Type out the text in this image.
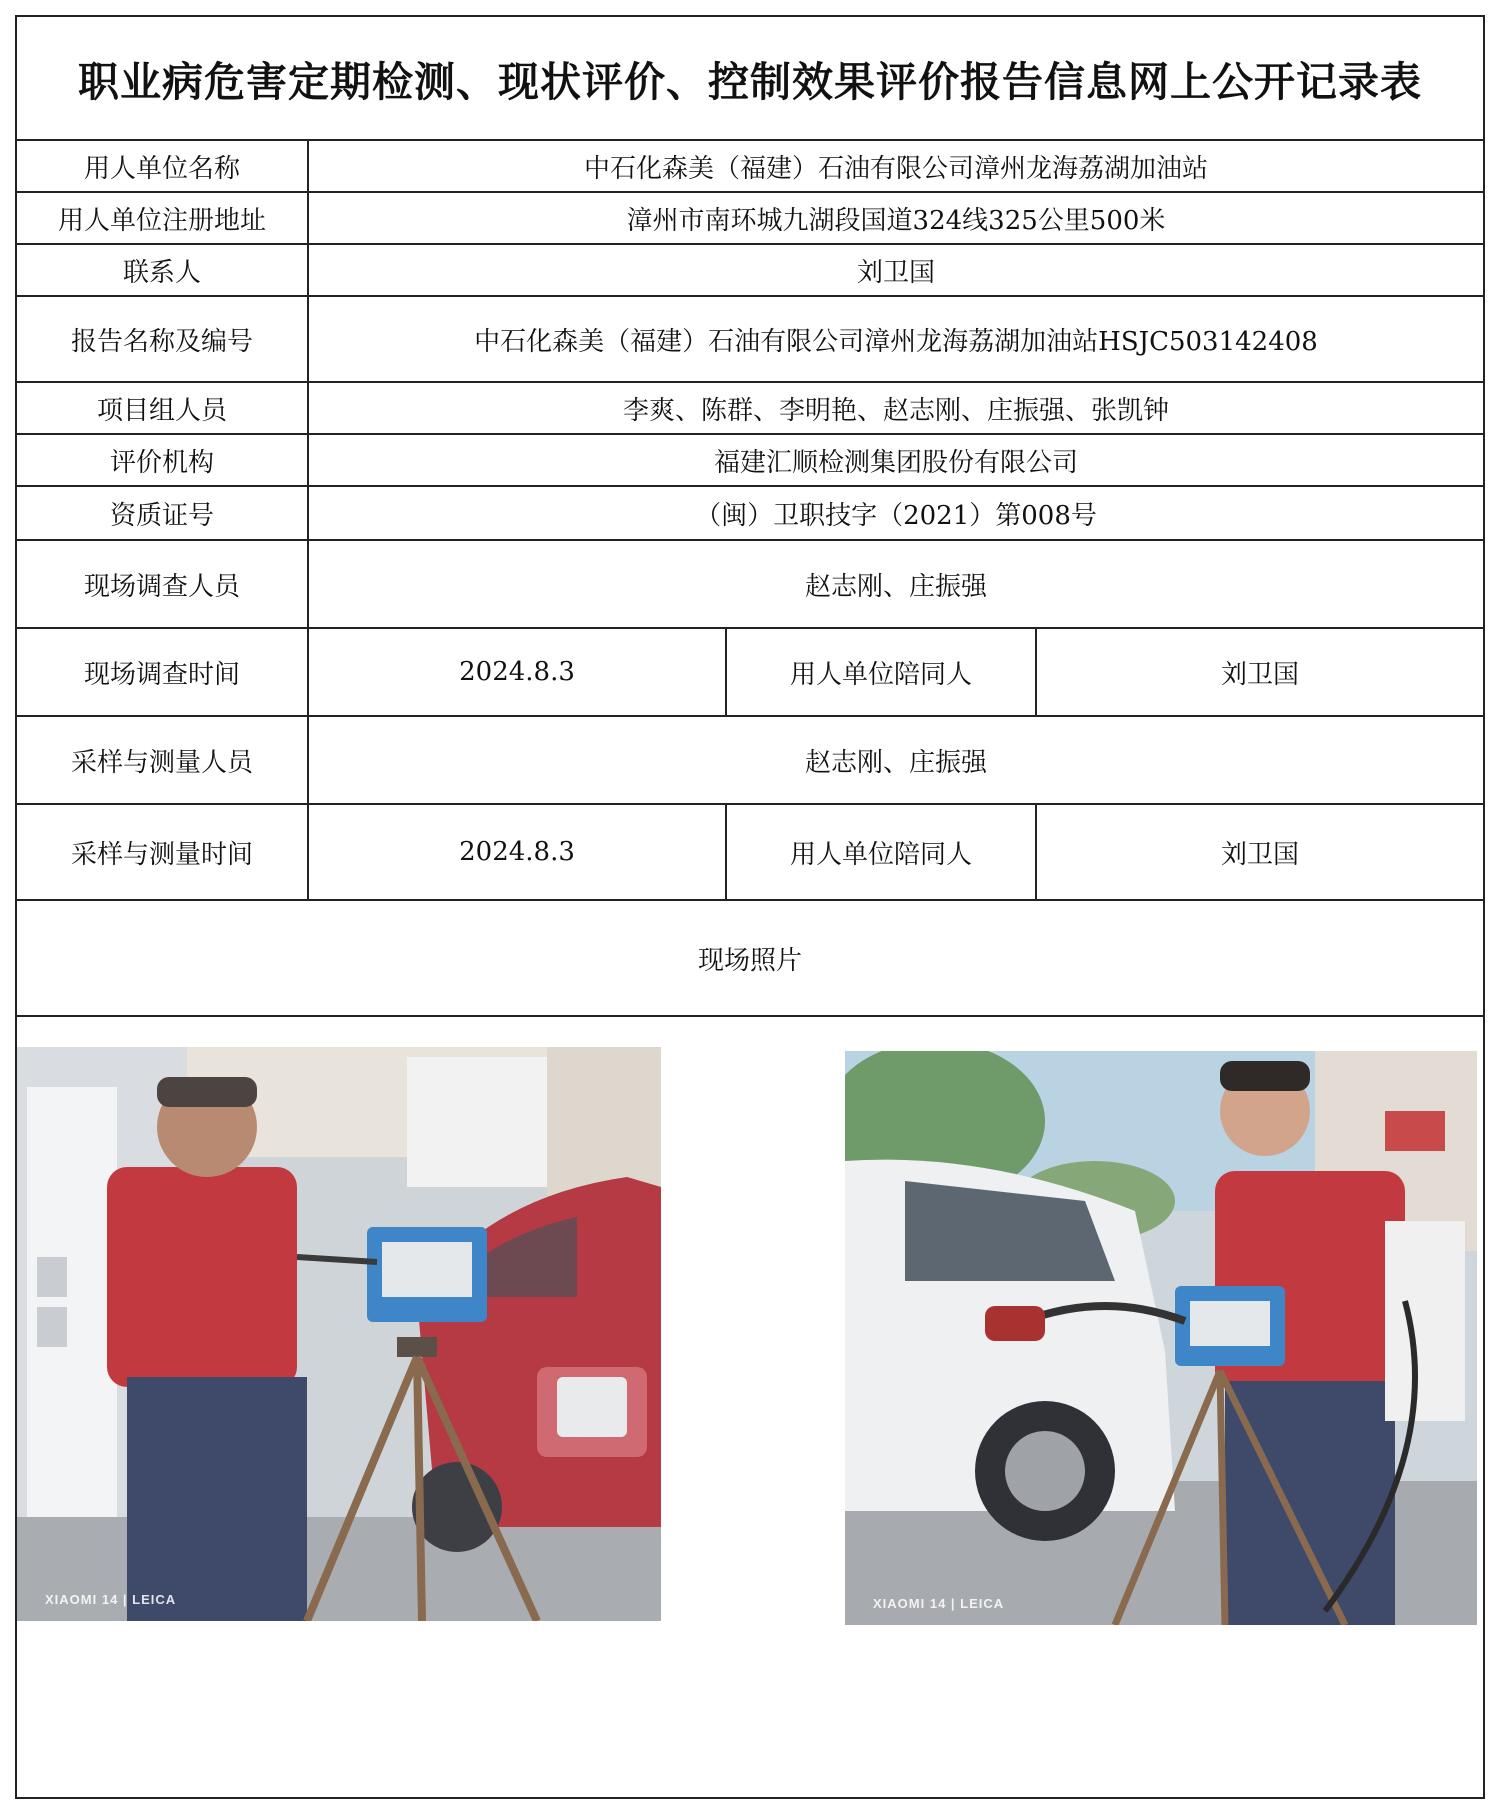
职业病危害定期检测、现状评价、控制效果评价报告信息网上公开记录表
用人单位名称	中石化森美（福建）石油有限公司漳州龙海荔湖加油站
用人单位注册地址	漳州市南环城九湖段国道324线325公里500米
联系人	刘卫国
报告名称及编号	中石化森美（福建）石油有限公司漳州龙海荔湖加油站HSJC503142408
项目组人员	李爽、陈群、李明艳、赵志刚、庄振强、张凯钟
评价机构	福建汇顺检测集团股份有限公司
资质证号	（闽）卫职技字（2021）第008号
现场调查人员	赵志刚、庄振强
现场调查时间	2024.8.3	用人单位陪同人	刘卫国
采样与测量人员	赵志刚、庄振强
采样与测量时间	2024.8.3	用人单位陪同人	刘卫国
现场照片
XIAOMI 14 | LEICA	XIAOMI 14 | LEICA
